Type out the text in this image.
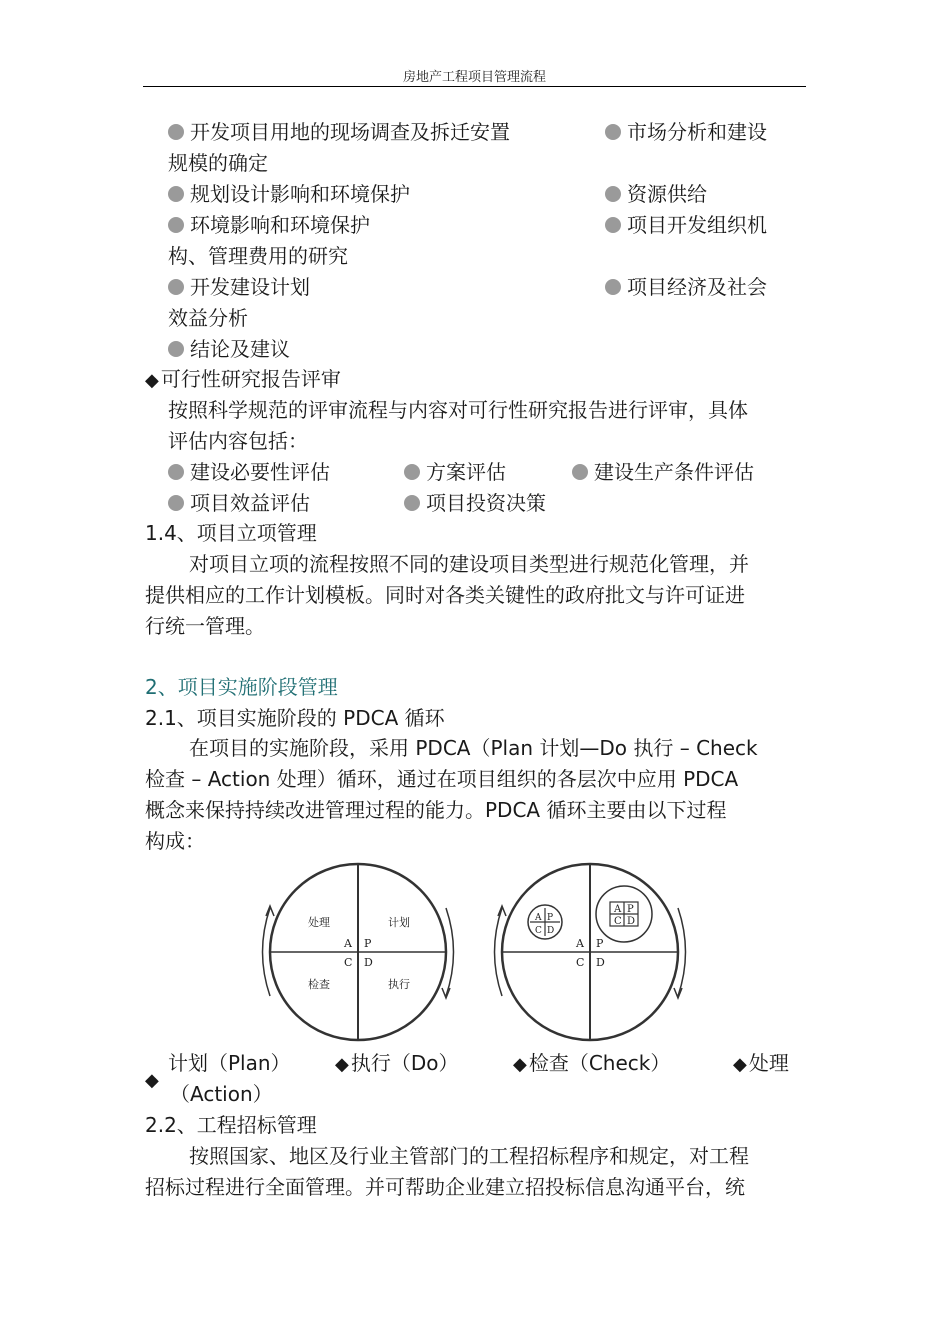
房地产工程项目管理流程
开发项目用地的现场调查及拆迁安置	市场分析和建设
规模的确定
规划设计影响和环境保护	资源供给
环境影响和环境保护	项目开发组织机
构、管理费用的研究
开发建设计划	项目经济及社会
效益分析
结论及建议
◆ 可行性研究报告评审
按照科学规范的评审流程与内容对可行性研究报告进行评审，具体
评估内容包括：
建设必要性评估	方案评估	建设生产条件评估
项目效益评估	项目投资决策
1.4、项目立项管理
对项目立项的流程按照不同的建设项目类型进行规范化管理，并
提供相应的工作计划模板。同时对各类关键性的政府批文与许可证进
行统一管理。
2、项目实施阶段管理
2.1、项目实施阶段的 PDCA 循环
在项目的实施阶段，采用 PDCA（Plan 计划—Do 执行 – Check
检查 – Action 处理）循环，通过在项目组织的各层次中应用 PDCA
概念来保持持续改进管理过程的能力。PDCA 循环主要由以下过程
构成：
处理	计划
检查	执行
A P
C D
A P
C D
A P
C D
A P
C D
◆
计划（Plan） ◆ 执行（Do）	◆ 检查（Check）	◆ 处理
（Action）
2.2、工程招标管理
按照国家、地区及行业主管部门的工程招标程序和规定，对工程
招标过程进行全面管理。并可帮助企业建立招投标信息沟通平台，统
